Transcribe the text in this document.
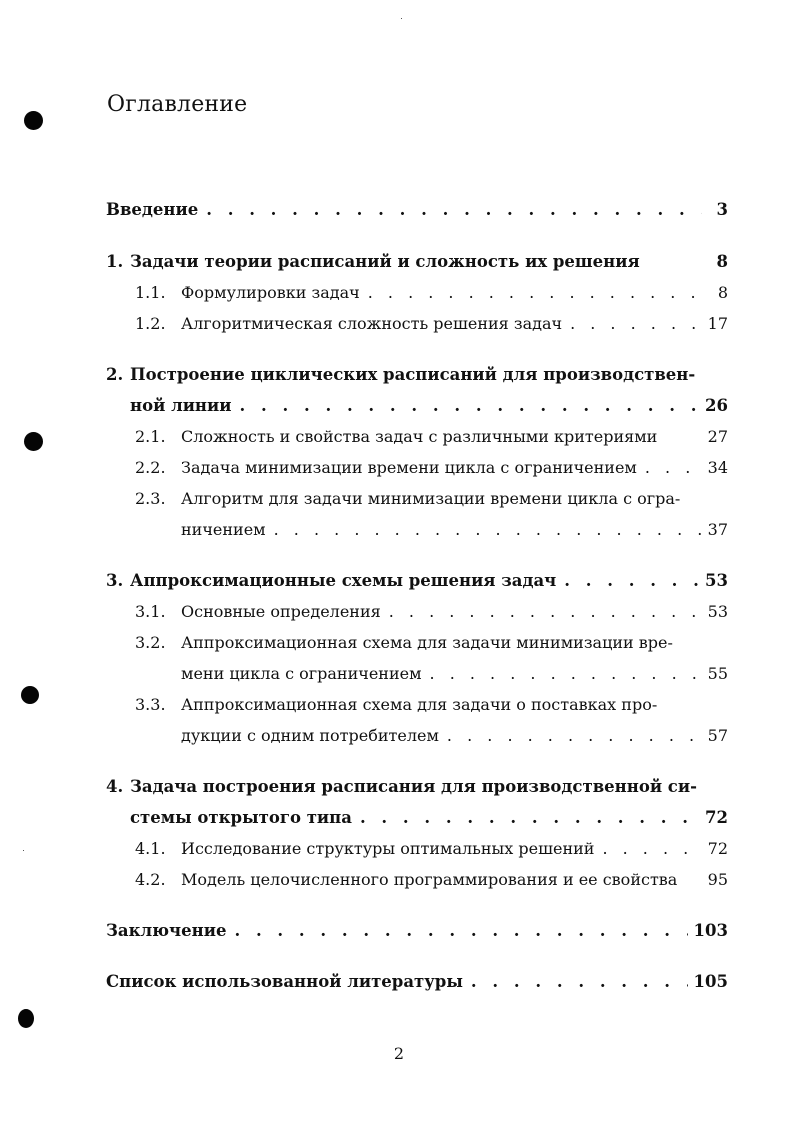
Оглавление
Введение . . .	3
1. Задачи теории расписаний и сложность их решения	8
1.1. Формулировки задач . . .	8
1.2. Алгоритмическая сложность решения задач . . .	17
2. Построение циклических расписаний для производствен-
ной линии . . .	26
2.1. Сложность и свойства задач с различными критериями	27
2.2. Задача минимизации времени цикла с ограничением . . .	34
2.3. Алгоритм для задачи минимизации времени цикла с огра-
ничением . . .	37
3. Аппроксимационные схемы решения задач . . .	53
3.1. Основные определения . . .	53
3.2. Аппроксимационная схема для задачи минимизации вре-
мени цикла с ограничением . . .	55
3.3. Аппроксимационная схема для задачи о поставках про-
дукции с одним потребителем . . .	57
4. Задача построения расписания для производственной си-
стемы открытого типа . . .	72
4.1. Исследование структуры оптимальных решений . . .	72
4.2. Модель целочисленного программирования и ее свойства 95
Заключение . . .	103
Список использованной литературы . . .	105
2
